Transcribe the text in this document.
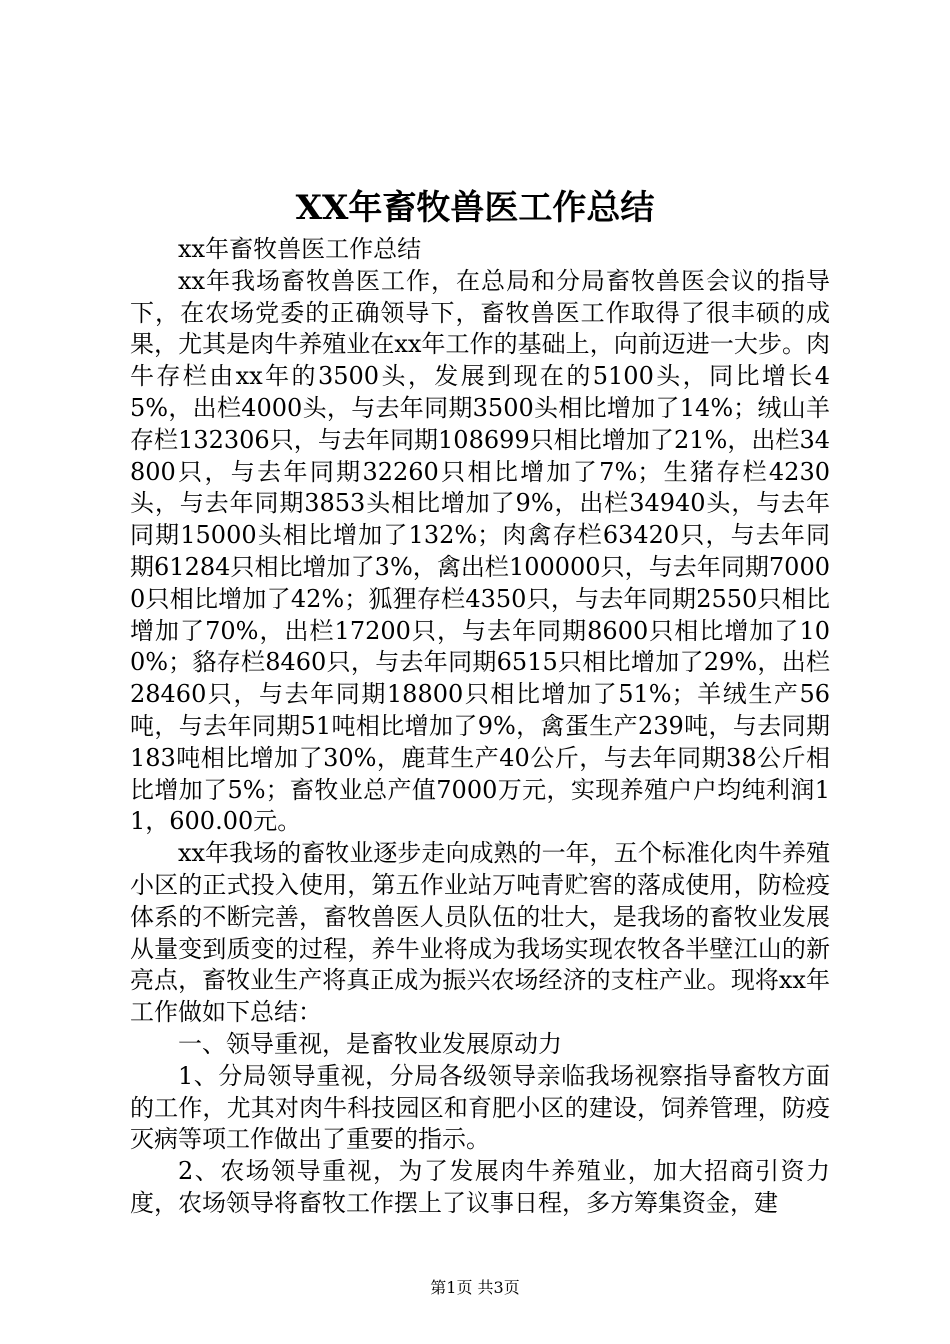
XX年畜牧兽医工作总结

xx年畜牧兽医工作总结

xx年我场畜牧兽医工作，在总局和分局畜牧兽医会议的指导下，在农场党委的正确领导下，畜牧兽医工作取得了很丰硕的成果，尤其是肉牛养殖业在xx年工作的基础上，向前迈进一大步。肉牛存栏由xx年的3500头，发展到现在的5100头，同比增长45%，出栏4000头，与去年同期3500头相比增加了14%；绒山羊存栏132306只，与去年同期108699只相比增加了21%，出栏34800只，与去年同期32260只相比增加了7%；生猪存栏4230头，与去年同期3853头相比增加了9%，出栏34940头，与去年同期15000头相比增加了132%；肉禽存栏63420只，与去年同期61284只相比增加了3%，禽出栏100000只，与去年同期70000只相比增加了42%；狐狸存栏4350只，与去年同期2550只相比增加了70%，出栏17200只，与去年同期8600只相比增加了100%；貉存栏8460只，与去年同期6515只相比增加了29%，出栏28460只，与去年同期18800只相比增加了51%；羊绒生产56吨，与去年同期51吨相比增加了9%，禽蛋生产239吨，与去同期183吨相比增加了30%，鹿茸生产40公斤，与去年同期38公斤相比增加了5%；畜牧业总产值7000万元，实现养殖户户均纯利润11，600.00元。

xx年我场的畜牧业逐步走向成熟的一年，五个标准化肉牛养殖小区的正式投入使用，第五作业站万吨青贮窖的落成使用，防检疫体系的不断完善，畜牧兽医人员队伍的壮大，是我场的畜牧业发展从量变到质变的过程，养牛业将成为我场实现农牧各半壁江山的新亮点，畜牧业生产将真正成为振兴农场经济的支柱产业。现将xx年工作做如下总结：

一、领导重视，是畜牧业发展原动力

1、分局领导重视，分局各级领导亲临我场视察指导畜牧方面的工作，尤其对肉牛科技园区和育肥小区的建设，饲养管理，防疫灭病等项工作做出了重要的指示。

2、农场领导重视，为了发展肉牛养殖业，加大招商引资力度，农场领导将畜牧工作摆上了议事日程，多方筹集资金，建

第1页 共3页
